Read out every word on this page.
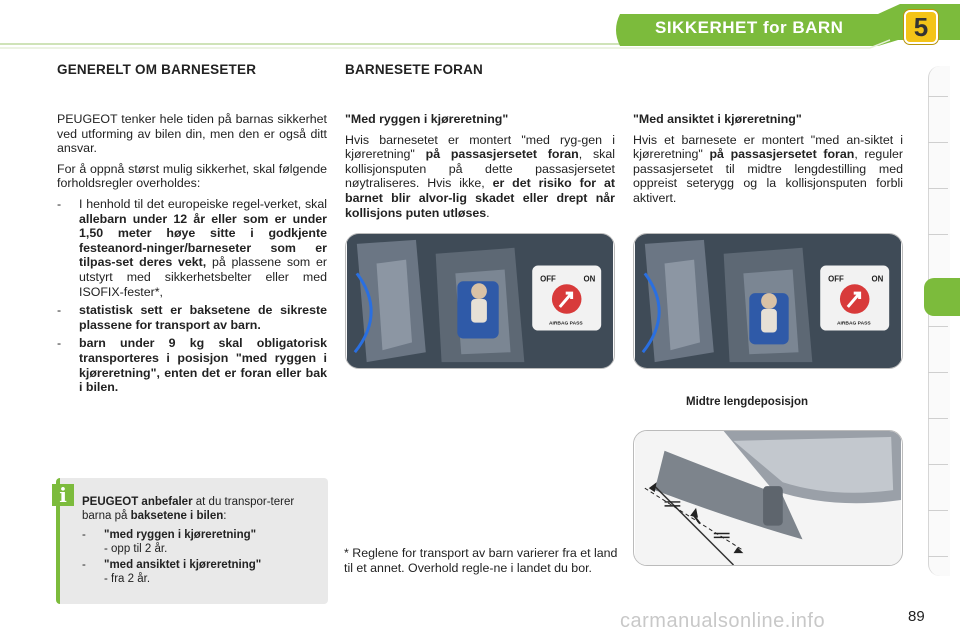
SIKKERHET for BARN	5
GENERELT OM BARNESETER

PEUGEOT tenker hele tiden på barnas sikkerhet ved utforming av bilen din, men den er også ditt ansvar.

For å oppnå størst mulig sikkerhet, skal følgende forholdsregler overholdes:

-	I henhold til det europeiske regel-verket, skal allebarn under 12 år eller som er under 1,50 meter høye sitte i godkjente festeanord-ninger/barneseter som er tilpas-set deres vekt, på plassene som er utstyrt med sikkerhetsbelter eller med ISOFIX-fester*,
-	statistisk sett er baksetene de sikreste plassene for transport av barn.
-	barn under 9 kg skal obligatorisk transporteres i posisjon "med ryggen i kjøreretning", enten det er foran eller bak i bilen.
i	PEUGEOT anbefaler at du transpor-terer barna på baksetene i bilen:

-	"med ryggen i kjøreretning"
- opp til 2 år.
-	"med ansiktet i kjøreretning"
- fra 2 år.
BARNESETE FORAN
"Med ryggen i kjøreretning"

Hvis barnesetet er montert "med ryg-gen i kjøreretning" på passasjersetet foran, skal kollisjonsputen på dette passasjersetet nøytraliseres. Hvis ikke, er det risiko for at barnet blir alvor-lig skadet eller drept når kollisjons puten utløses.

"Med ansiktet i kjøreretning"

Hvis et barnesete er montert "med an-siktet i kjøreretning" på passasjersetet foran, reguler passasjersetet til midtre lengdestilling med oppreist seterygg og la kollisjonsputen forbli aktivert.

OFF	ON
AIRBAG PASS
OFF	ON
AIRBAG PASS
Midtre lengdeposisjon
* Reglene for transport av barn varierer fra et land til et annet. Overhold regle-ne i landet du bor.
carmanualsonline.info	89
